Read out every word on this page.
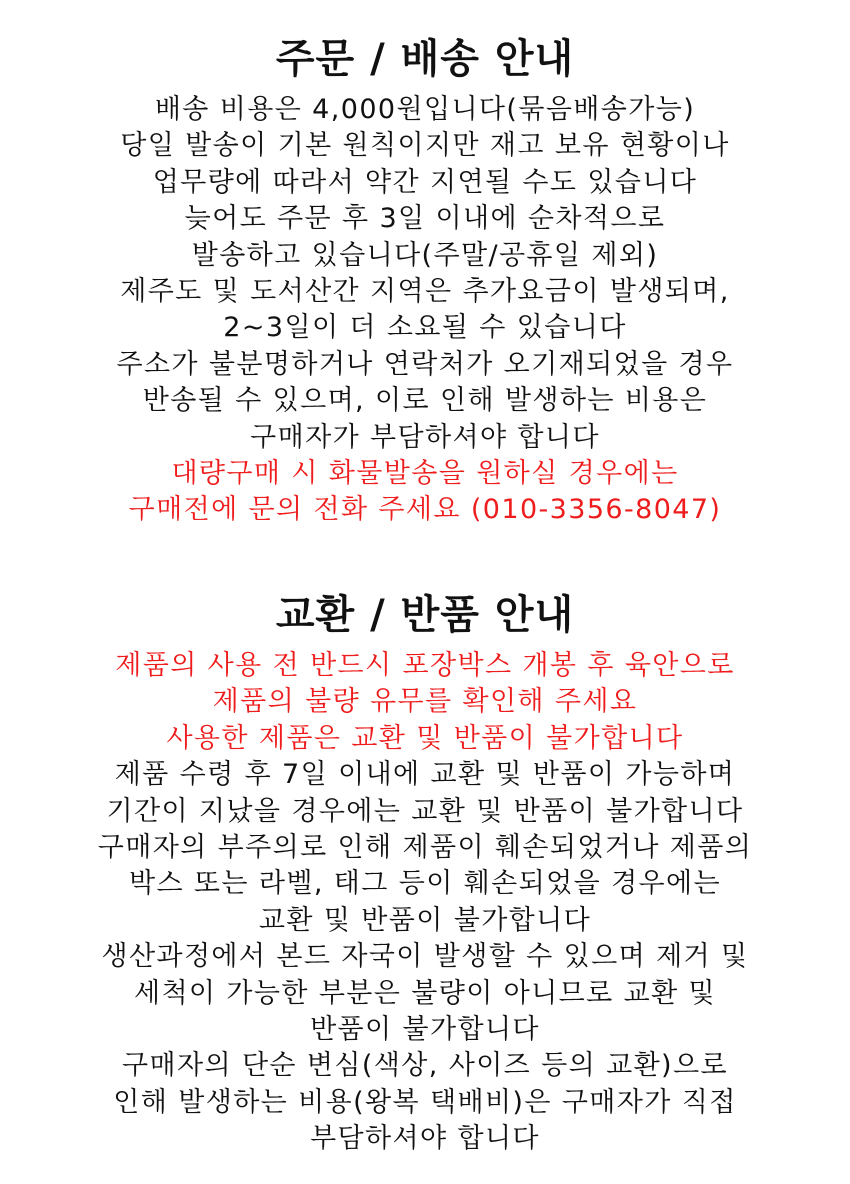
주문 / 배송 안내
배송 비용은 4,000원입니다(묶음배송가능)
당일 발송이 기본 원칙이지만 재고 보유 현황이나
업무량에 따라서 약간 지연될 수도 있습니다
늦어도 주문 후 3일 이내에 순차적으로
발송하고 있습니다(주말/공휴일 제외)
제주도 및 도서산간 지역은 추가요금이 발생되며,
2~3일이 더 소요될 수 있습니다
주소가 불분명하거나 연락처가 오기재되었을 경우
반송될 수 있으며, 이로 인해 발생하는 비용은
구매자가 부담하셔야 합니다
대량구매 시 화물발송을 원하실 경우에는
구매전에 문의 전화 주세요 (010-3356-8047)
교환 / 반품 안내
제품의 사용 전 반드시 포장박스 개봉 후 육안으로
제품의 불량 유무를 확인해 주세요
사용한 제품은 교환 및 반품이 불가합니다
제품 수령 후 7일 이내에 교환 및 반품이 가능하며
기간이 지났을 경우에는 교환 및 반품이 불가합니다
구매자의 부주의로 인해 제품이 훼손되었거나 제품의
박스 또는 라벨, 태그 등이 훼손되었을 경우에는
교환 및 반품이 불가합니다
생산과정에서 본드 자국이 발생할 수 있으며 제거 및
세척이 가능한 부분은 불량이 아니므로 교환 및
반품이 불가합니다
구매자의 단순 변심(색상, 사이즈 등의 교환)으로
인해 발생하는 비용(왕복 택배비)은 구매자가 직접
부담하셔야 합니다
